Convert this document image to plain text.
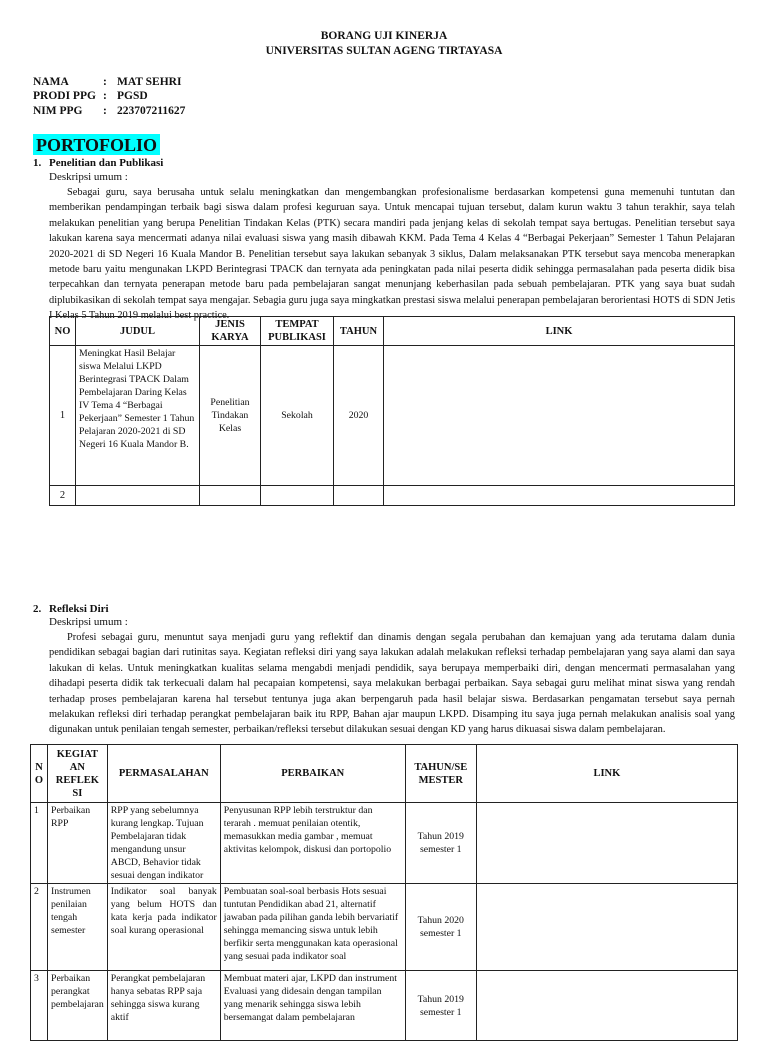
BORANG UJI KINERJA
UNIVERSITAS SULTAN AGENG TIRTAYASA
NAMA	: MAT SEHRI
PRODI PPG : PGSD
NIM PPG : 223707211627
PORTOFOLIO
1. Penelitian dan Publikasi
Deskripsi umum :

Sebagai guru, saya berusaha untuk selalu meningkatkan dan mengembangkan profesionalisme berdasarkan kompetensi guna memenuhi tuntutan dan memberikan pendampingan terbaik bagi siswa dalam profesi keguruan saya. Untuk mencapai tujuan tersebut, dalam kurun waktu 3 tahun terakhir, saya telah melakukan penelitian yang berupa Penelitian Tindakan Kelas (PTK) secara mandiri pada jenjang kelas di sekolah tempat saya bertugas. Penelitian tersebut saya lakukan karena saya mencermati adanya nilai evaluasi siswa yang masih dibawah KKM. Pada Tema 4 Kelas 4 “Berbagai Pekerjaan” Semester 1 Tahun Pelajaran 2020-2021 di SD Negeri 16 Kuala Mandor B. Penelitian tersebut saya lakukan sebanyak 3 siklus, Dalam melaksanakan PTK tersebut saya mencoba menerapkan metode baru yaitu mengunakan LKPD Berintegrasi TPACK dan ternyata ada peningkatan pada nilai peserta didik sehingga permasalahan pada peserta didik bisa terpecahkan dan ternyata penerapan metode baru pada pembelajaran sangat menunjang keberhasilan pada sebuah pembelajaran. PTK yang saya buat sudah diplubikasikan di sekolah tempat saya mengajar. Sebagia guru juga saya mingkatkan prestasi siswa melalui penerapan pembelajaran berorientasi HOTS di SDN Jetis I Kelas 5 Tahun 2019 melalui best practice.

NO	JUDUL	JENIS KARYA	TEMPAT PUBLIKASI	TAHUN	LINK
1	Meningkat Hasil Belajar siswa Melalui LKPD Berintegrasi TPACK Dalam Pembelajaran Daring Kelas IV Tema 4 “Berbagai Pekerjaan” Semester 1 Tahun Pelajaran 2020-2021 di SD Negeri 16 Kuala Mandor B.	Penelitian Tindakan Kelas	Sekolah	2020	
2					
2. Refleksi Diri
Deskripsi umum :

Profesi sebagai guru, menuntut saya menjadi guru yang reflektif dan dinamis dengan segala perubahan dan kemajuan yang ada terutama dalam dunia pendidikan sebagai bagian dari rutinitas saya. Kegiatan refleksi diri yang saya lakukan adalah melakukan refleksi terhadap pembelajaran yang saya alami dan saya lakukan di kelas. Untuk meningkatkan kualitas selama mengabdi menjadi pendidik, saya berupaya memperbaiki diri, dengan mencermati permasalahan yang dihadapi peserta didik tak terkecuali dalam hal pecapaian kompetensi, saya melakukan berbagai perbaikan. Saya sebagai guru melihat minat siswa yang rendah terhadap proses pembelajaran karena hal tersebut tentunya juga akan berpengaruh pada hasil belajar siswa. Berdasarkan pengamatan tersebut saya pernah melakukan refleksi diri terhadap perangkat pembelajaran baik itu RPP, Bahan ajar maupun LKPD. Disamping itu saya juga pernah melakukan analisis soal yang digunakan untuk penilaian tengah semester, perbaikan/refleksi tersebut dilakukan sesuai dengan KD yang harus dikuasai siswa dalam pembelajaran.

N O	KEGIAT AN REFLEK SI	PERMASALAHAN	PERBAIKAN	TAHUN/SE MESTER	LINK
1	Perbaikan RPP	RPP yang sebelumnya kurang lengkap. Tujuan Pembelajaran tidak mengandung unsur ABCD, Behavior tidak sesuai dengan indikator	Penyusunan RPP lebih terstruktur dan terarah . memuat penilaian otentik, memasukkan media gambar , memuat aktivitas kelompok, diskusi dan portopolio	Tahun 2019
semester 1	

2	Instrumen penilaian tengah semester	Indikator soal banyak yang belum HOTS dan kata kerja pada indikator soal kurang operasional	Pembuatan soal-soal berbasis Hots sesuai tuntutan Pendidikan abad 21, alternatif jawaban pada pilihan ganda lebih bervariatif sehingga memancing siswa untuk lebih berfikir serta menggunakan kata operasional yang sesuai pada indikator soal	Tahun 2020
semester 1	

3	Perbaikan perangkat pembelajaran	Perangkat pembelajaran hanya sebatas RPP saja sehingga siswa kurang aktif	Membuat materi ajar, LKPD dan instrument Evaluasi yang didesain dengan tampilan yang menarik sehingga siswa lebih bersemangat dalam pembelajaran	Tahun 2019
semester 1	
